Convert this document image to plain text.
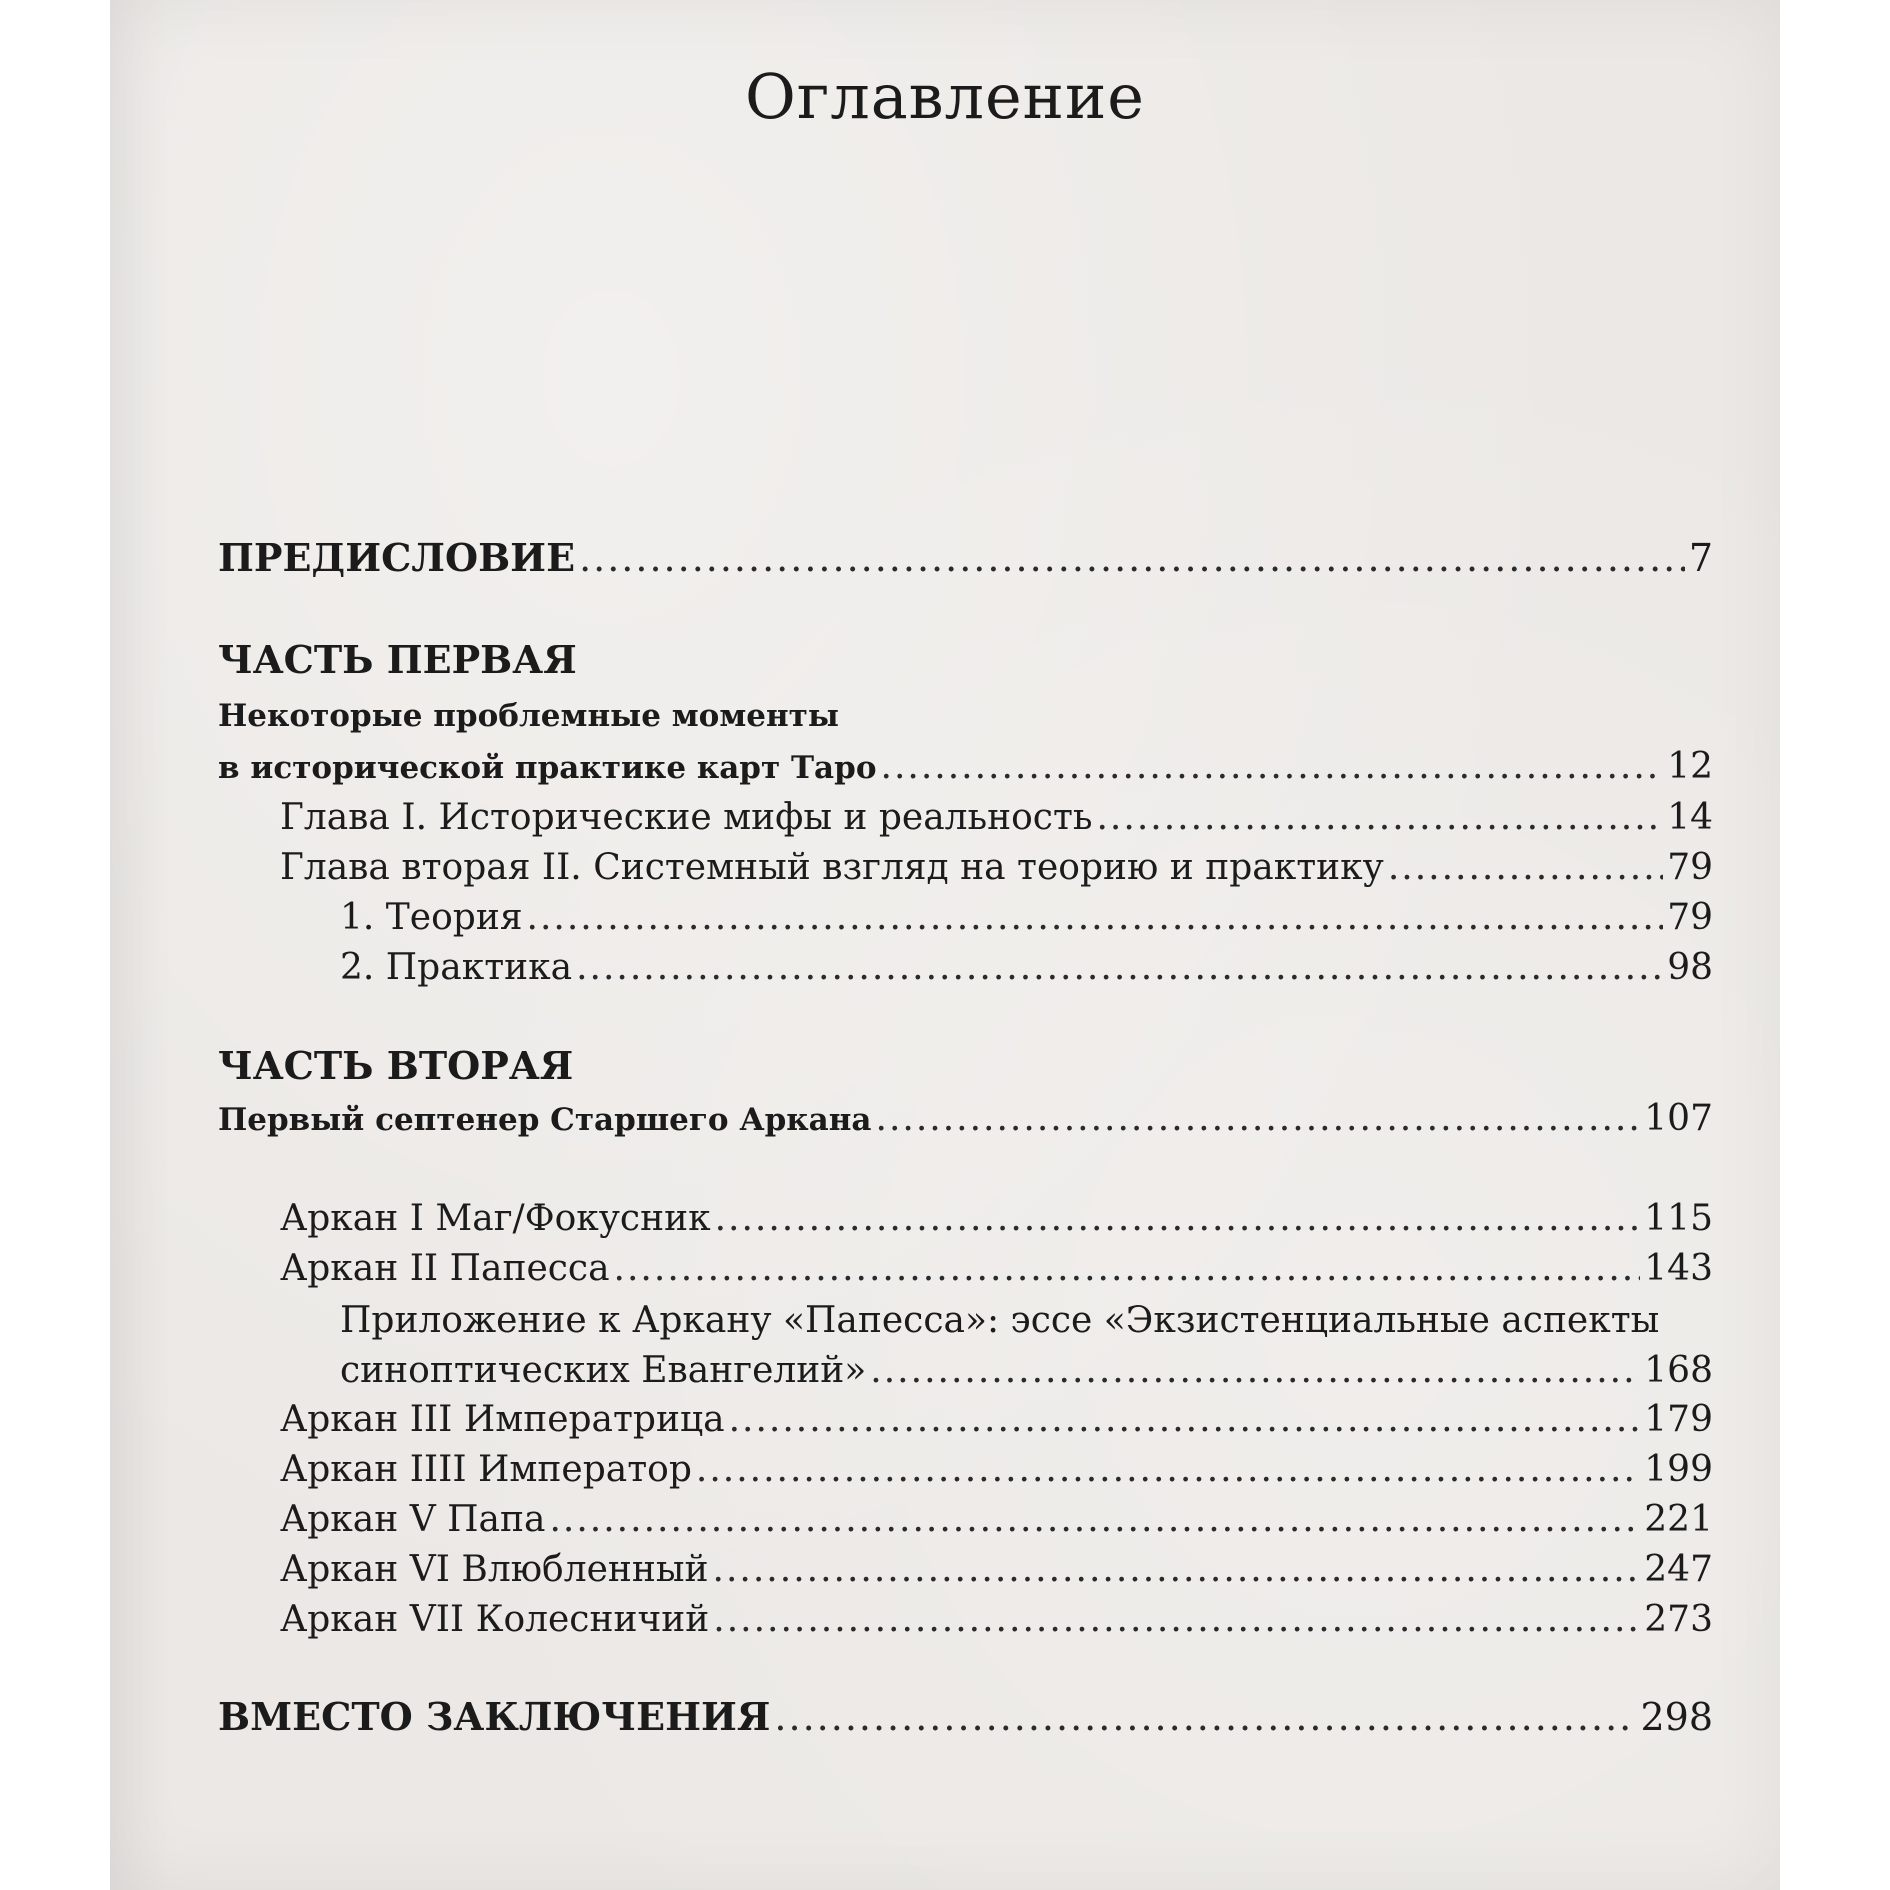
Оглавление
ПРЕДИСЛОВИЕ .....	7
ЧАСТЬ ПЕРВАЯ
Некоторые проблемные моменты
в исторической практике карт Таро .....	12
Глава I. Исторические мифы и реальность .....	14
Глава вторая II. Системный взгляд на теорию и практику .....	79
1. Теория .....	79
2. Практика .....	98
ЧАСТЬ ВТОРАЯ
Первый септенер Старшего Аркана .....	107
Аркан I Маг/Фокусник .....	115
Аркан II Папесса .....	143
Приложение к Аркану «Папесса»: эссе «Экзистенциальные аспекты
синоптических Евангелий» .....	168
Аркан III Императрица .....	179
Аркан IIII Император .....	199
Аркан V Папа .....	221
Аркан VI Влюбленный .....	247
Аркан VII Колесничий .....	273
ВМЕСТО ЗАКЛЮЧЕНИЯ .....	298
